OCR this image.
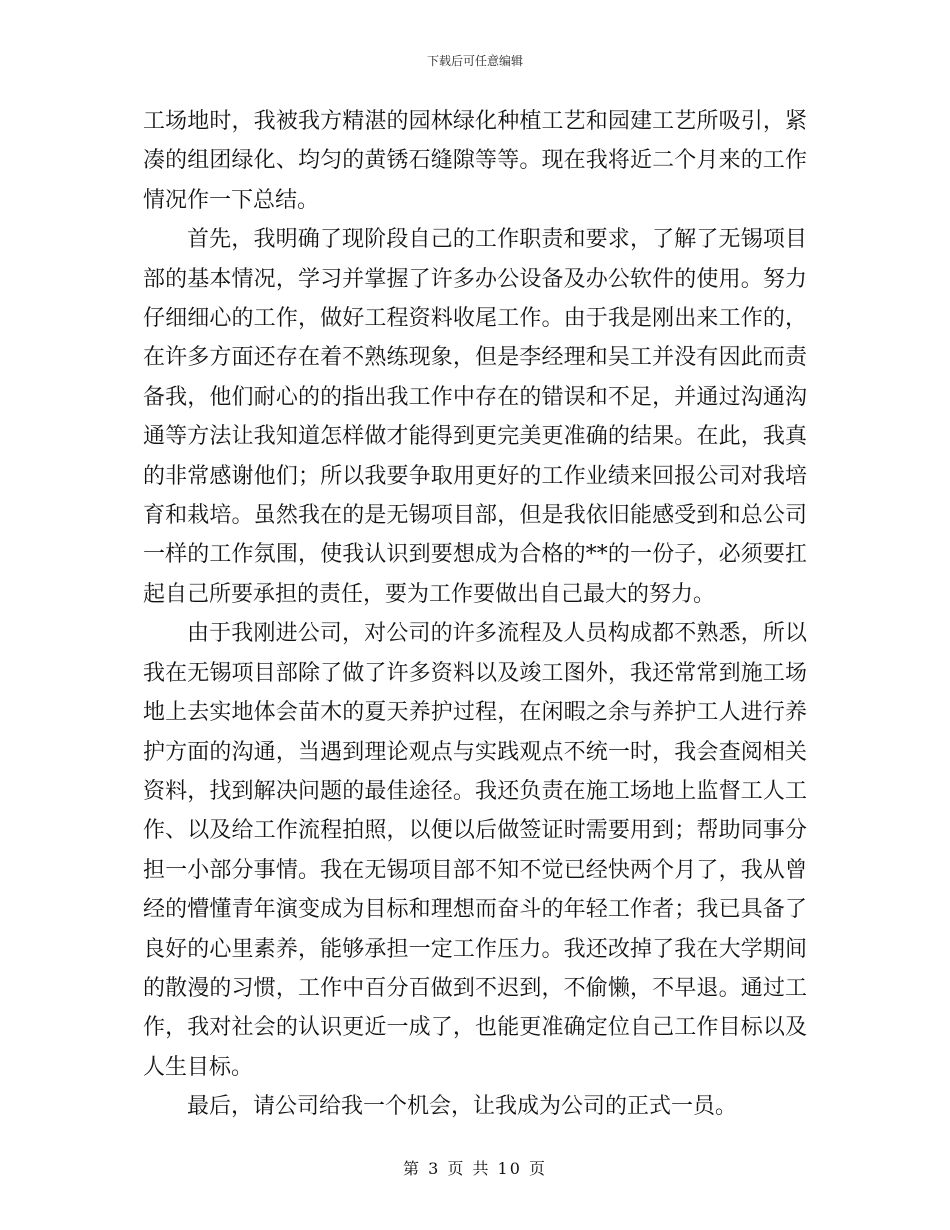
下载后可任意编辑

工场地时，我被我方精湛的园林绿化种植工艺和园建工艺所吸引，紧凑的组团绿化、均匀的黄锈石缝隙等等。现在我将近二个月来的工作情况作一下总结。

首先，我明确了现阶段自己的工作职责和要求，了解了无锡项目部的基本情况，学习并掌握了许多办公设备及办公软件的使用。努力仔细细心的工作，做好工程资料收尾工作。由于我是刚出来工作的，在许多方面还存在着不熟练现象，但是李经理和吴工并没有因此而责备我，他们耐心的的指出我工作中存在的错误和不足，并通过沟通沟通等方法让我知道怎样做才能得到更完美更准确的结果。在此，我真的非常感谢他们；所以我要争取用更好的工作业绩来回报公司对我培育和栽培。虽然我在的是无锡项目部，但是我依旧能感受到和总公司一样的工作氛围，使我认识到要想成为合格的**的一份子，必须要扛起自己所要承担的责任，要为工作要做出自己最大的努力。

由于我刚进公司，对公司的许多流程及人员构成都不熟悉，所以我在无锡项目部除了做了许多资料以及竣工图外，我还常常到施工场地上去实地体会苗木的夏天养护过程，在闲暇之余与养护工人进行养护方面的沟通，当遇到理论观点与实践观点不统一时，我会查阅相关资料，找到解决问题的最佳途径。我还负责在施工场地上监督工人工作、以及给工作流程拍照，以便以后做签证时需要用到；帮助同事分担一小部分事情。我在无锡项目部不知不觉已经快两个月了，我从曾经的懵懂青年演变成为目标和理想而奋斗的年轻工作者；我已具备了良好的心里素养，能够承担一定工作压力。我还改掉了我在大学期间的散漫的习惯，工作中百分百做到不迟到，不偷懒，不早退。通过工作，我对社会的认识更近一成了，也能更准确定位自己工作目标以及人生目标。

最后，请公司给我一个机会，让我成为公司的正式一员。

第 3 页 共 10 页
